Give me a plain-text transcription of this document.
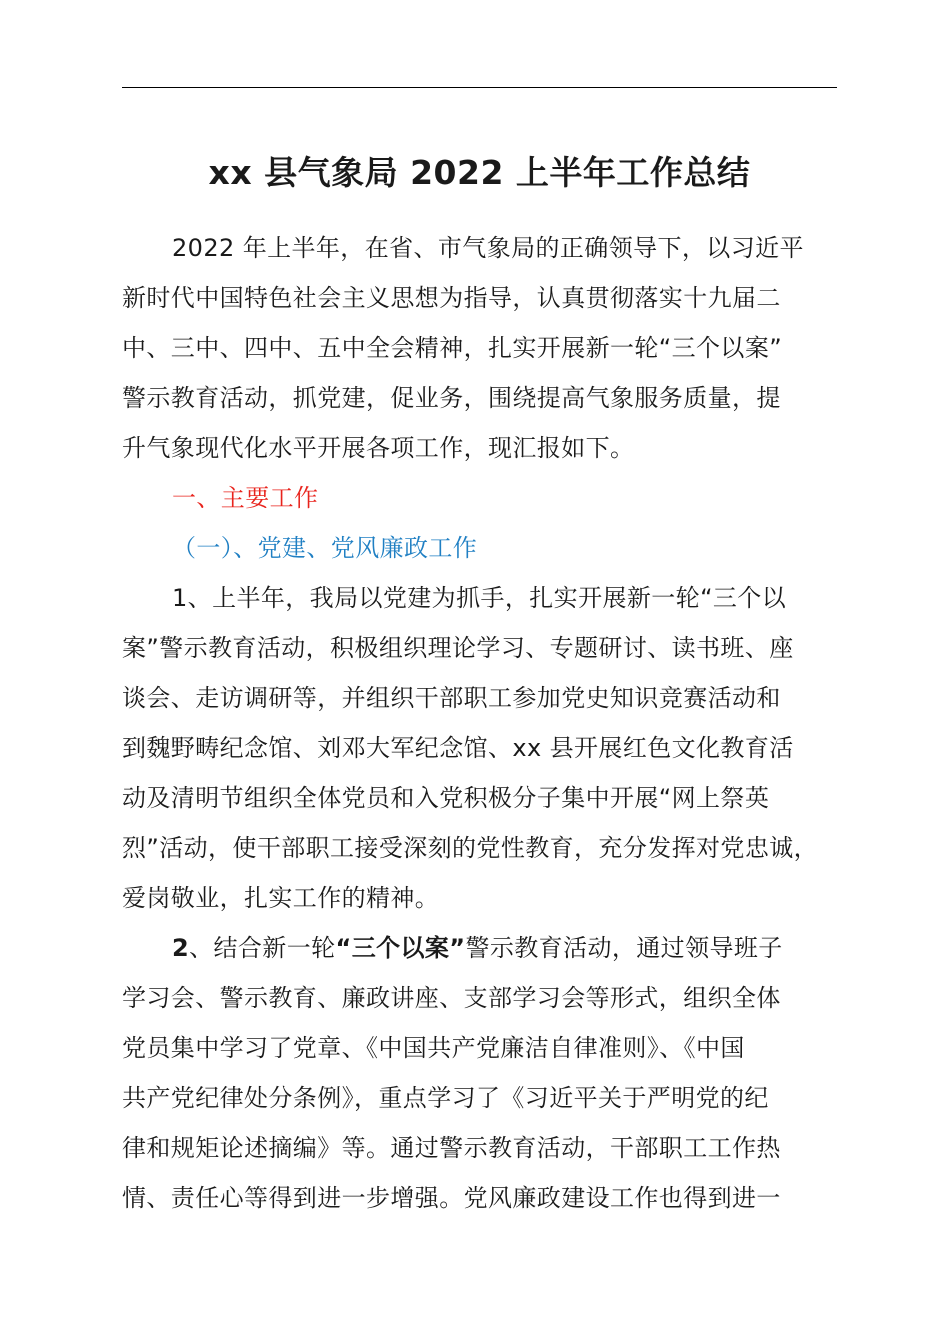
xx 县气象局 2022 上半年工作总结
2022 年上半年，在省、市气象局的正确领导下，以习近平
新时代中国特色社会主义思想为指导，认真贯彻落实十九届二
中、三中、四中、五中全会精神，扎实开展新一轮“三个以案”
警示教育活动，抓党建，促业务，围绕提高气象服务质量，提
升气象现代化水平开展各项工作，现汇报如下。
一、主要工作
（一）、党建、党风廉政工作
1、上半年，我局以党建为抓手，扎实开展新一轮“三个以
案”警示教育活动，积极组织理论学习、专题研讨、读书班、座
谈会、走访调研等，并组织干部职工参加党史知识竞赛活动和
到魏野畴纪念馆、刘邓大军纪念馆、xx 县开展红色文化教育活
动及清明节组织全体党员和入党积极分子集中开展“网上祭英
烈”活动，使干部职工接受深刻的党性教育，充分发挥对党忠诚，
爱岗敬业，扎实工作的精神。
2、结合新一轮“三个以案”警示教育活动，通过领导班子
学习会、警示教育、廉政讲座、支部学习会等形式，组织全体
党员集中学习了党章、《中国共产党廉洁自律准则》、《中国
共产党纪律处分条例》，重点学习了《习近平关于严明党的纪
律和规矩论述摘编》等。通过警示教育活动，干部职工工作热
情、责任心等得到进一步增强。党风廉政建设工作也得到进一
